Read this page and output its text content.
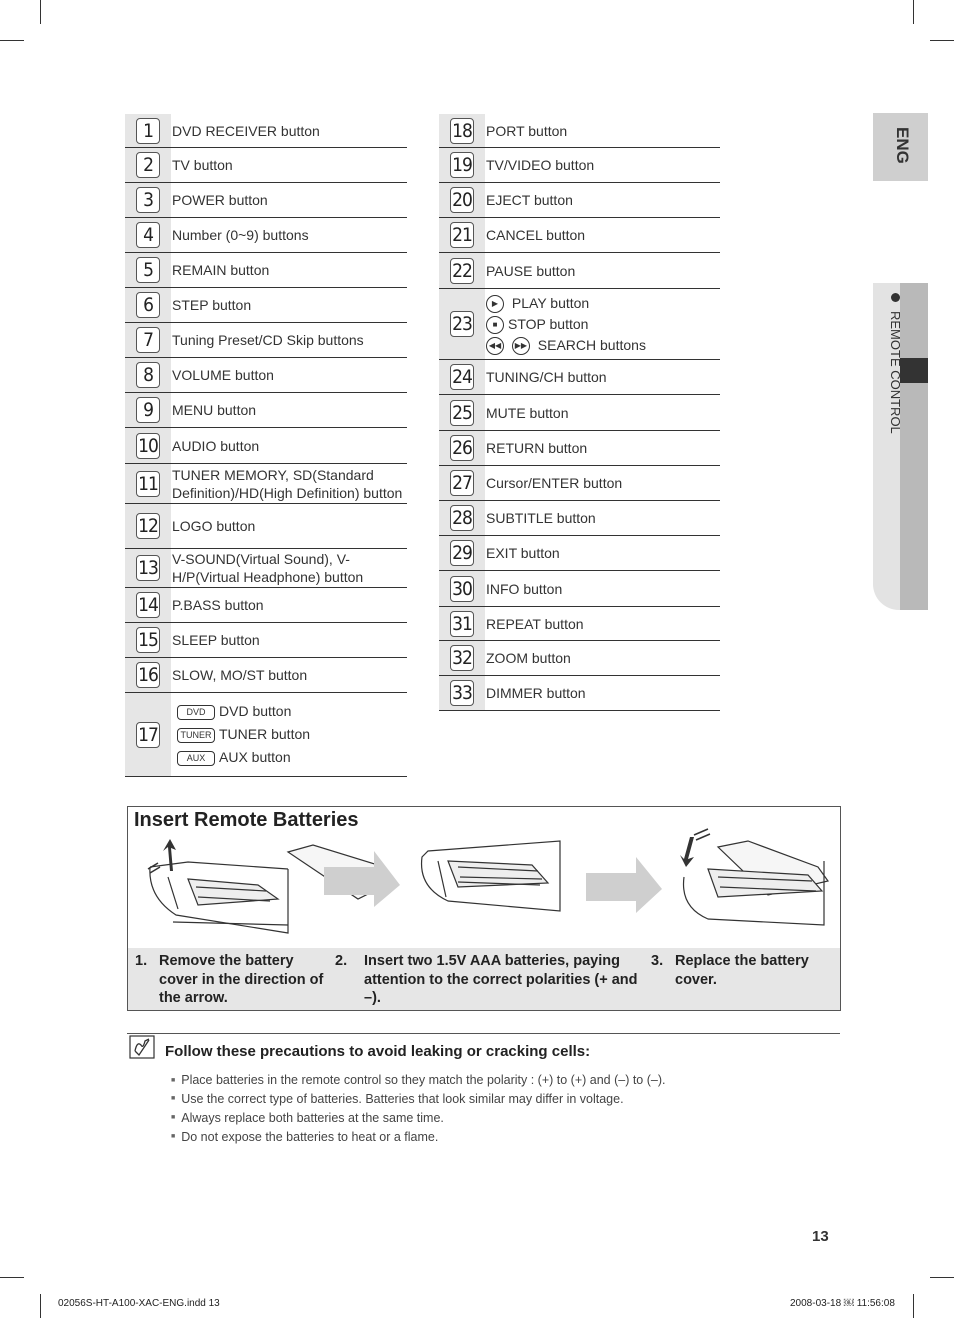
1	DVD RECEIVER button
2	TV button
3	POWER button
4	Number (0~9) buttons
5	REMAIN button
6	STEP button
7	Tuning Preset/CD Skip buttons
8	VOLUME button
9	MENU button
10 AUDIO button
11 TUNER MEMORY, SD(Standard Definition)/HD(High Definition) button
12 LOGO button
13 V-SOUND(Virtual Sound), V-H/P(Virtual Headphone) button
14 P.BASS button
15 SLEEP button
16 SLOW, MO/ST button
17
DVD DVD button
TUNER TUNER button
AUX AUX button
18 PORT button
19 TV/VIDEO button
20 EJECT button
21 CANCEL button
22 PAUSE button
23
▶ PLAY button
■ STOP button
◀◀ ▶▶ SEARCH buttons
24 TUNING/CH button
25 MUTE button
26 RETURN button
27 Cursor/ENTER button
28 SUBTITLE button
29 EXIT button
30 INFO button
31 REPEAT button
32 ZOOM button
33 DIMMER button
ENG
REMOTE CONTROL
Insert Remote Batteries
1. Remove the battery cover in the direction of the arrow.
2. Insert two 1.5V AAA batteries, paying attention to the correct polarities (+ and –).
3. Replace the battery cover.
Follow these precautions to avoid leaking or cracking cells:
■ Place batteries in the remote control so they match the polarity : (+) to (+) and (–) to (–).
■ Use the correct type of batteries. Batteries that look similar may differ in voltage.
■ Always replace both batteries at the same time.
■ Do not expose the batteries to heat or a flame.
13
02056S-HT-A100-XAC-ENG.indd 13	2008-03-18 ￼ 11:56:08
